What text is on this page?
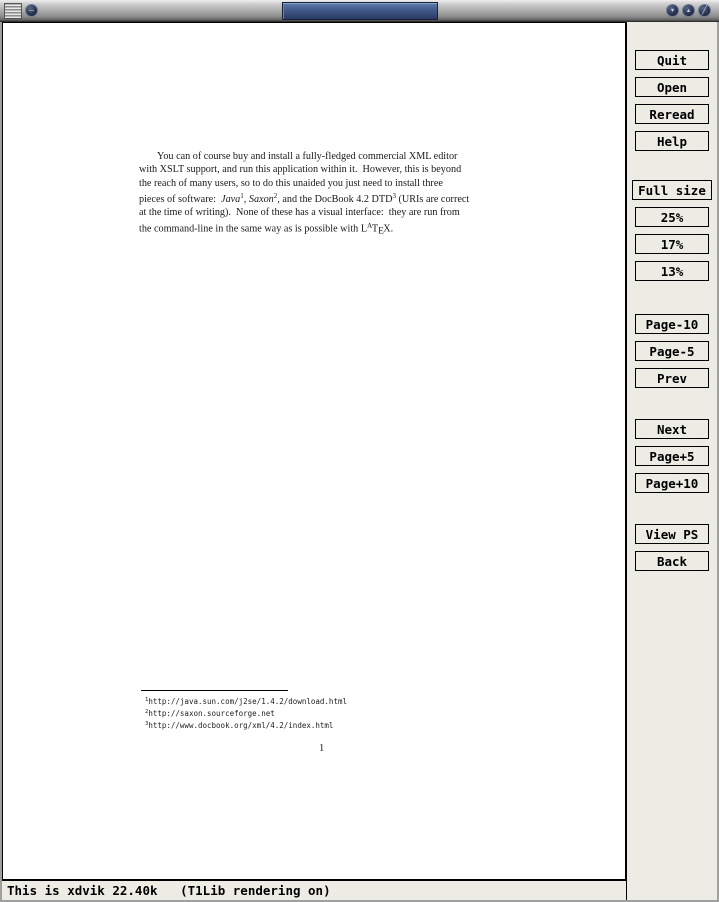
–

	▾ ▴ ╱
You can of course buy and install a fully-fledged commercial XML editor
with XSLT support, and run this application within it.  However, this is beyond
the reach of many users, so to do this unaided you just need to install three
pieces of software:  Java$^1$, Saxon$^2$, and the DocBook 4.2 DTD$^3$ (URIs are correct
at the time of writing).  None of these has a visual interface:  they are run from
the command-line in the same way as is possible with $L^ATEX$.
$^1$http://java.sun.com/j2se/1.4.2/download.html
$^2$http://saxon.sourceforge.net
$^3$http://www.docbook.org/xml/4.2/index.html
1
Quit
Open
Reread
Help
Full size
25%
17%
13%
Page-10
Page-5
Prev
Next
Page+5
Page+10
View PS
Back
This is xdvik 22.40k   (T1Lib rendering on)
